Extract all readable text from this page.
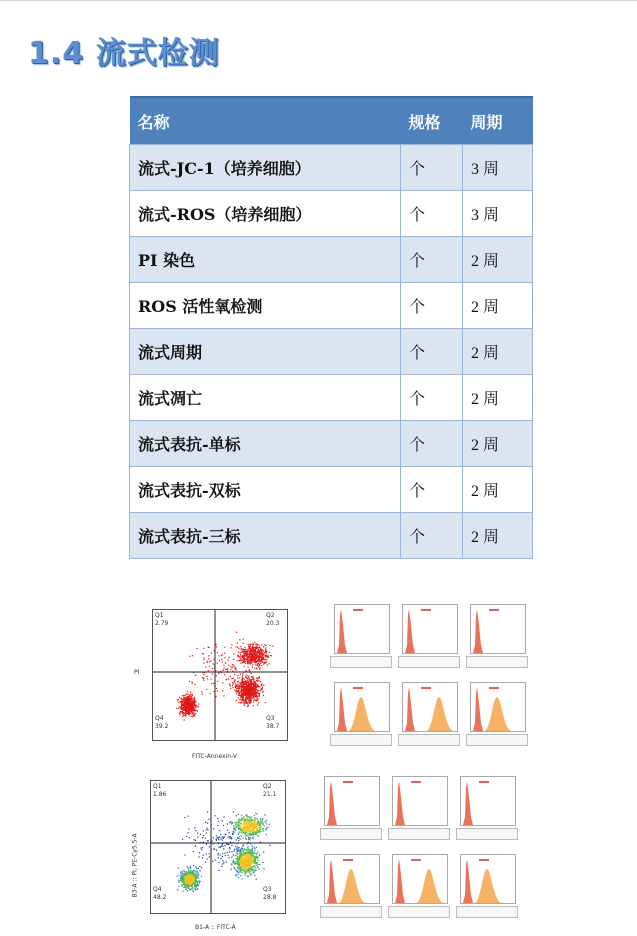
1.4 流式检测
名称	规格	周期
流式-JC-1（培养细胞）	个	3 周
流式-ROS（培养细胞）	个	3 周
PI 染色	个	2 周
ROS 活性氧检测	个	2 周
流式周期	个	2 周
流式凋亡	个	2 周
流式表抗-单标	个	2 周
流式表抗-双标	个	2 周
流式表抗-三标	个	2 周
Q1
2.79
Q2
20.3
Q3
38.7
Q4
39.2
FITC-Annexin-V
PI
Q1
1.86
Q2
21.1
Q3
28.8
Q4
48.2
B1-A :: FITC-A
B3-A :: PI, PE-Cy5.5-A
